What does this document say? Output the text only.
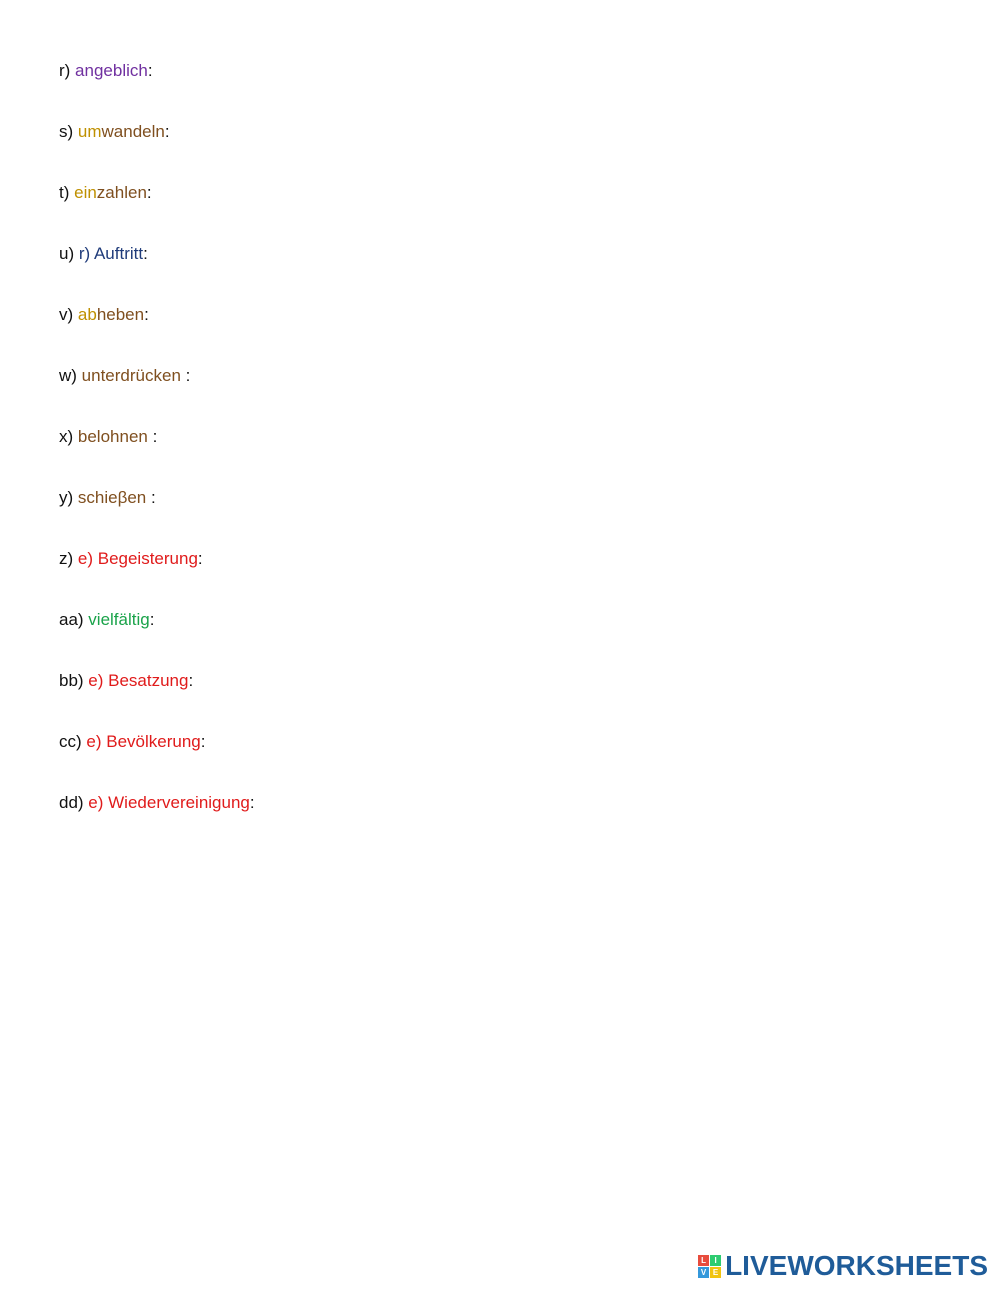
r) angeblich:
s) umwandeln:
t) einzahlen:
u) r) Auftritt:
v) abheben:
w) unterdrücken :
x) belohnen :
y) schieβen :
z) e) Begeisterung:
aa) vielfältig:
bb) e) Besatzung:
cc) e) Bevölkerung:
dd) e) Wiedervereinigung:
L	I
V E LIVEWORKSHEETS
